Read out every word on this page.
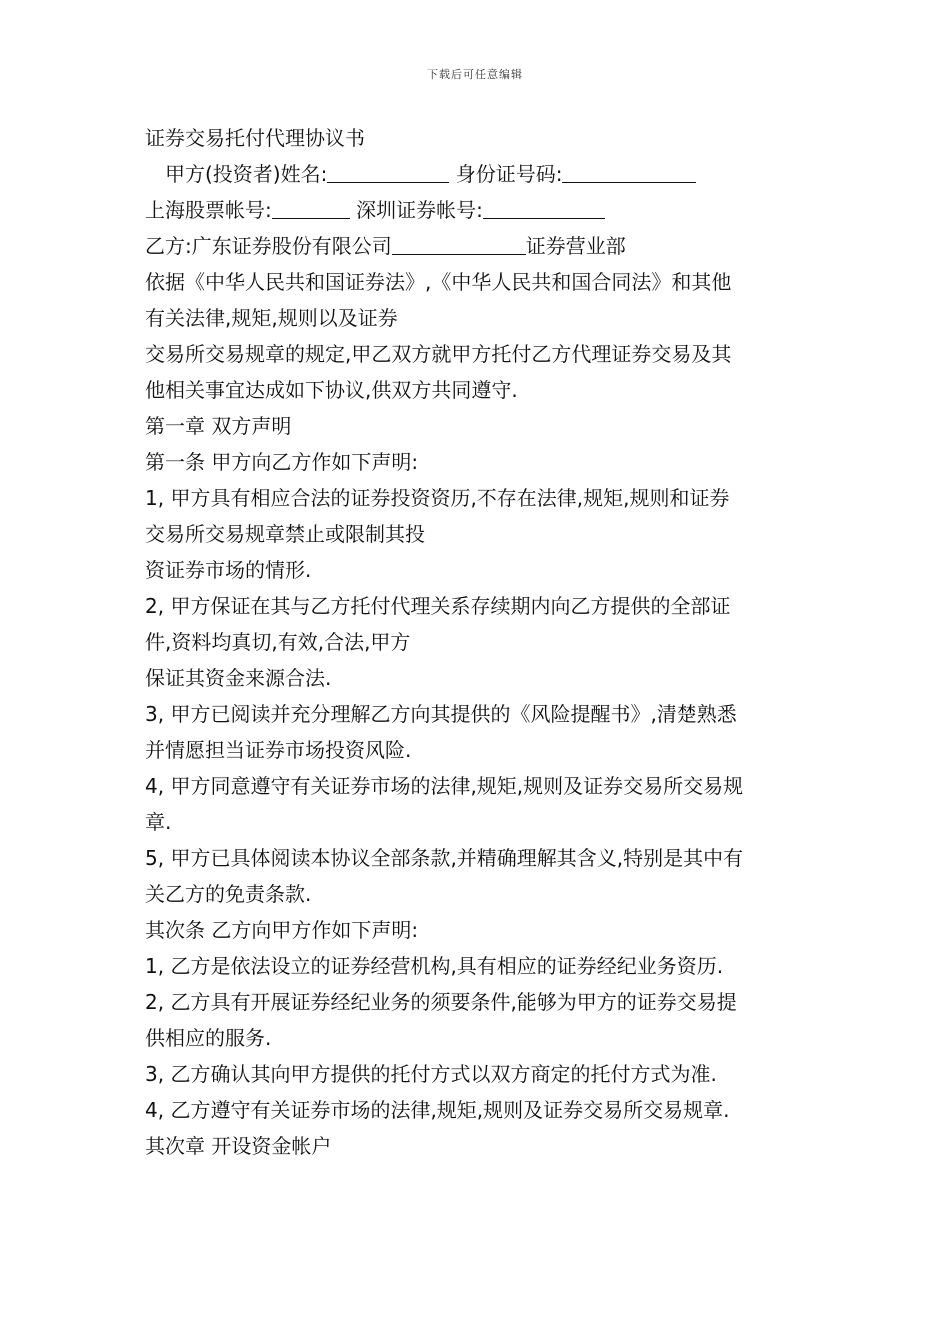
下载后可任意编辑

证券交易托付代理协议书

甲方(投资者)姓名:	身份证号码:

上海股票帐号:	深圳证券帐号:

乙方:广东证券股份有限公司	证券营业部

依据《中华人民共和国证券法》,《中华人民共和国合同法》和其他

有关法律,规矩,规则以及证券

交易所交易规章的规定,甲乙双方就甲方托付乙方代理证券交易及其

他相关事宜达成如下协议,供双方共同遵守.

第一章 双方声明

第一条 甲方向乙方作如下声明:

1, 甲方具有相应合法的证券投资资历,不存在法律,规矩,规则和证券

交易所交易规章禁止或限制其投

资证券市场的情形.

2, 甲方保证在其与乙方托付代理关系存续期内向乙方提供的全部证

件,资料均真切,有效,合法,甲方

保证其资金来源合法.

3, 甲方已阅读并充分理解乙方向其提供的《风险提醒书》,清楚熟悉

并情愿担当证券市场投资风险.

4, 甲方同意遵守有关证券市场的法律,规矩,规则及证券交易所交易规

章.

5, 甲方已具体阅读本协议全部条款,并精确理解其含义,特别是其中有

关乙方的免责条款.

其次条 乙方向甲方作如下声明:

1, 乙方是依法设立的证券经营机构,具有相应的证券经纪业务资历.

2, 乙方具有开展证券经纪业务的须要条件,能够为甲方的证券交易提

供相应的服务.

3, 乙方确认其向甲方提供的托付方式以双方商定的托付方式为准.

4, 乙方遵守有关证券市场的法律,规矩,规则及证券交易所交易规章.

其次章 开设资金帐户
